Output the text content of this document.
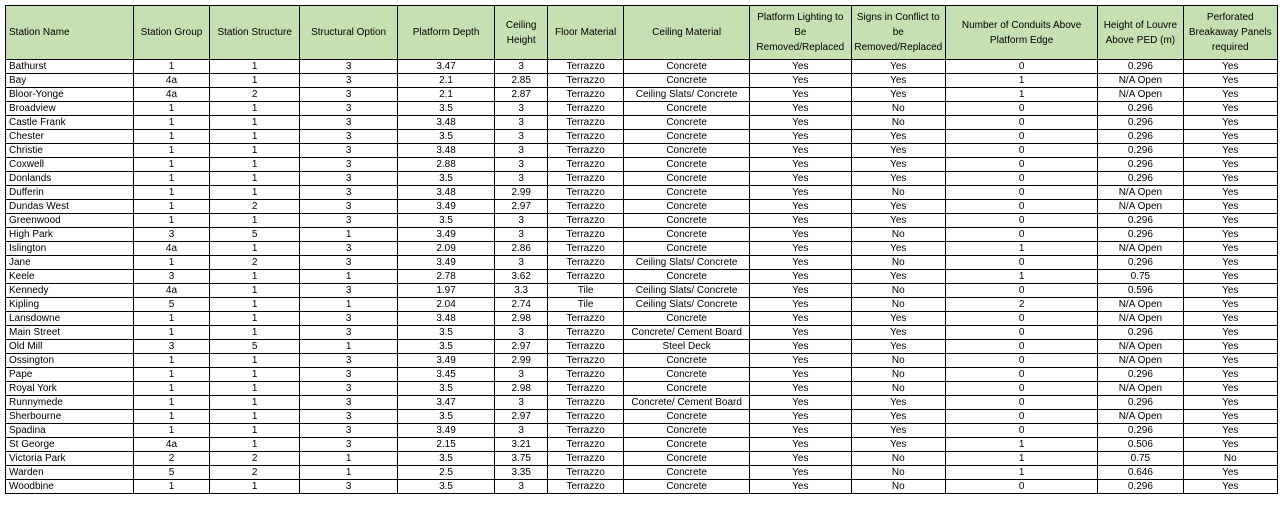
Station Name	Station Group	Station Structure	Structural Option	Platform Depth	Ceiling Height	Floor Material	Ceiling Material	Platform Lighting to Be Removed/Replaced	Signs in Conflict to be Removed/Replaced	Number of Conduits Above Platform Edge	Height of Louvre Above PED (m)	Perforated Breakaway Panels required
Bathurst	1	1	3	3.47	3	Terrazzo	Concrete	Yes	Yes	0	0.296	Yes
Bay	4a	1	3	2.1	2.85	Terrazzo	Concrete	Yes	Yes	1	N/A Open	Yes
Bloor-Yonge	4a	2	3	2.1	2.87	Terrazzo	Ceiling Slats/ Concrete	Yes	Yes	1	N/A Open	Yes
Broadview	1	1	3	3.5	3	Terrazzo	Concrete	Yes	No	0	0.296	Yes
Castle Frank	1	1	3	3.48	3	Terrazzo	Concrete	Yes	No	0	0.296	Yes
Chester	1	1	3	3.5	3	Terrazzo	Concrete	Yes	Yes	0	0.296	Yes
Christie	1	1	3	3.48	3	Terrazzo	Concrete	Yes	Yes	0	0.296	Yes
Coxwell	1	1	3	2.88	3	Terrazzo	Concrete	Yes	Yes	0	0.296	Yes
Donlands	1	1	3	3.5	3	Terrazzo	Concrete	Yes	Yes	0	0.296	Yes
Dufferin	1	1	3	3.48	2.99	Terrazzo	Concrete	Yes	No	0	N/A Open	Yes
Dundas West	1	2	3	3.49	2.97	Terrazzo	Concrete	Yes	Yes	0	N/A Open	Yes
Greenwood	1	1	3	3.5	3	Terrazzo	Concrete	Yes	Yes	0	0.296	Yes
High Park	3	5	1	3.49	3	Terrazzo	Concrete	Yes	No	0	0.296	Yes
Islington	4a	1	3	2.09	2.86	Terrazzo	Concrete	Yes	Yes	1	N/A Open	Yes
Jane	1	2	3	3.49	3	Terrazzo	Ceiling Slats/ Concrete	Yes	No	0	0.296	Yes
Keele	3	1	1	2.78	3.62	Terrazzo	Concrete	Yes	Yes	1	0.75	Yes
Kennedy	4a	1	3	1.97	3.3	Tile	Ceiling Slats/ Concrete	Yes	No	0	0.596	Yes
Kipling	5	1	1	2.04	2.74	Tile	Ceiling Slats/ Concrete	Yes	No	2	N/A Open	Yes
Lansdowne	1	1	3	3.48	2.98	Terrazzo	Concrete	Yes	Yes	0	N/A Open	Yes
Main Street	1	1	3	3.5	3	Terrazzo	Concrete/ Cement Board	Yes	Yes	0	0.296	Yes
Old Mill	3	5	1	3.5	2.97	Terrazzo	Steel Deck	Yes	Yes	0	N/A Open	Yes
Ossington	1	1	3	3.49	2.99	Terrazzo	Concrete	Yes	No	0	N/A Open	Yes
Pape	1	1	3	3.45	3	Terrazzo	Concrete	Yes	No	0	0.296	Yes
Royal York	1	1	3	3.5	2.98	Terrazzo	Concrete	Yes	No	0	N/A Open	Yes
Runnymede	1	1	3	3.47	3	Terrazzo	Concrete/ Cement Board	Yes	Yes	0	0.296	Yes
Sherbourne	1	1	3	3.5	2.97	Terrazzo	Concrete	Yes	Yes	0	N/A Open	Yes
Spadina	1	1	3	3.49	3	Terrazzo	Concrete	Yes	Yes	0	0.296	Yes
St George	4a	1	3	2.15	3.21	Terrazzo	Concrete	Yes	Yes	1	0.506	Yes
Victoria Park	2	2	1	3.5	3.75	Terrazzo	Concrete	Yes	No	1	0.75	No
Warden	5	2	1	2.5	3.35	Terrazzo	Concrete	Yes	No	1	0.646	Yes
Woodbine	1	1	3	3.5	3	Terrazzo	Concrete	Yes	No	0	0.296	Yes
